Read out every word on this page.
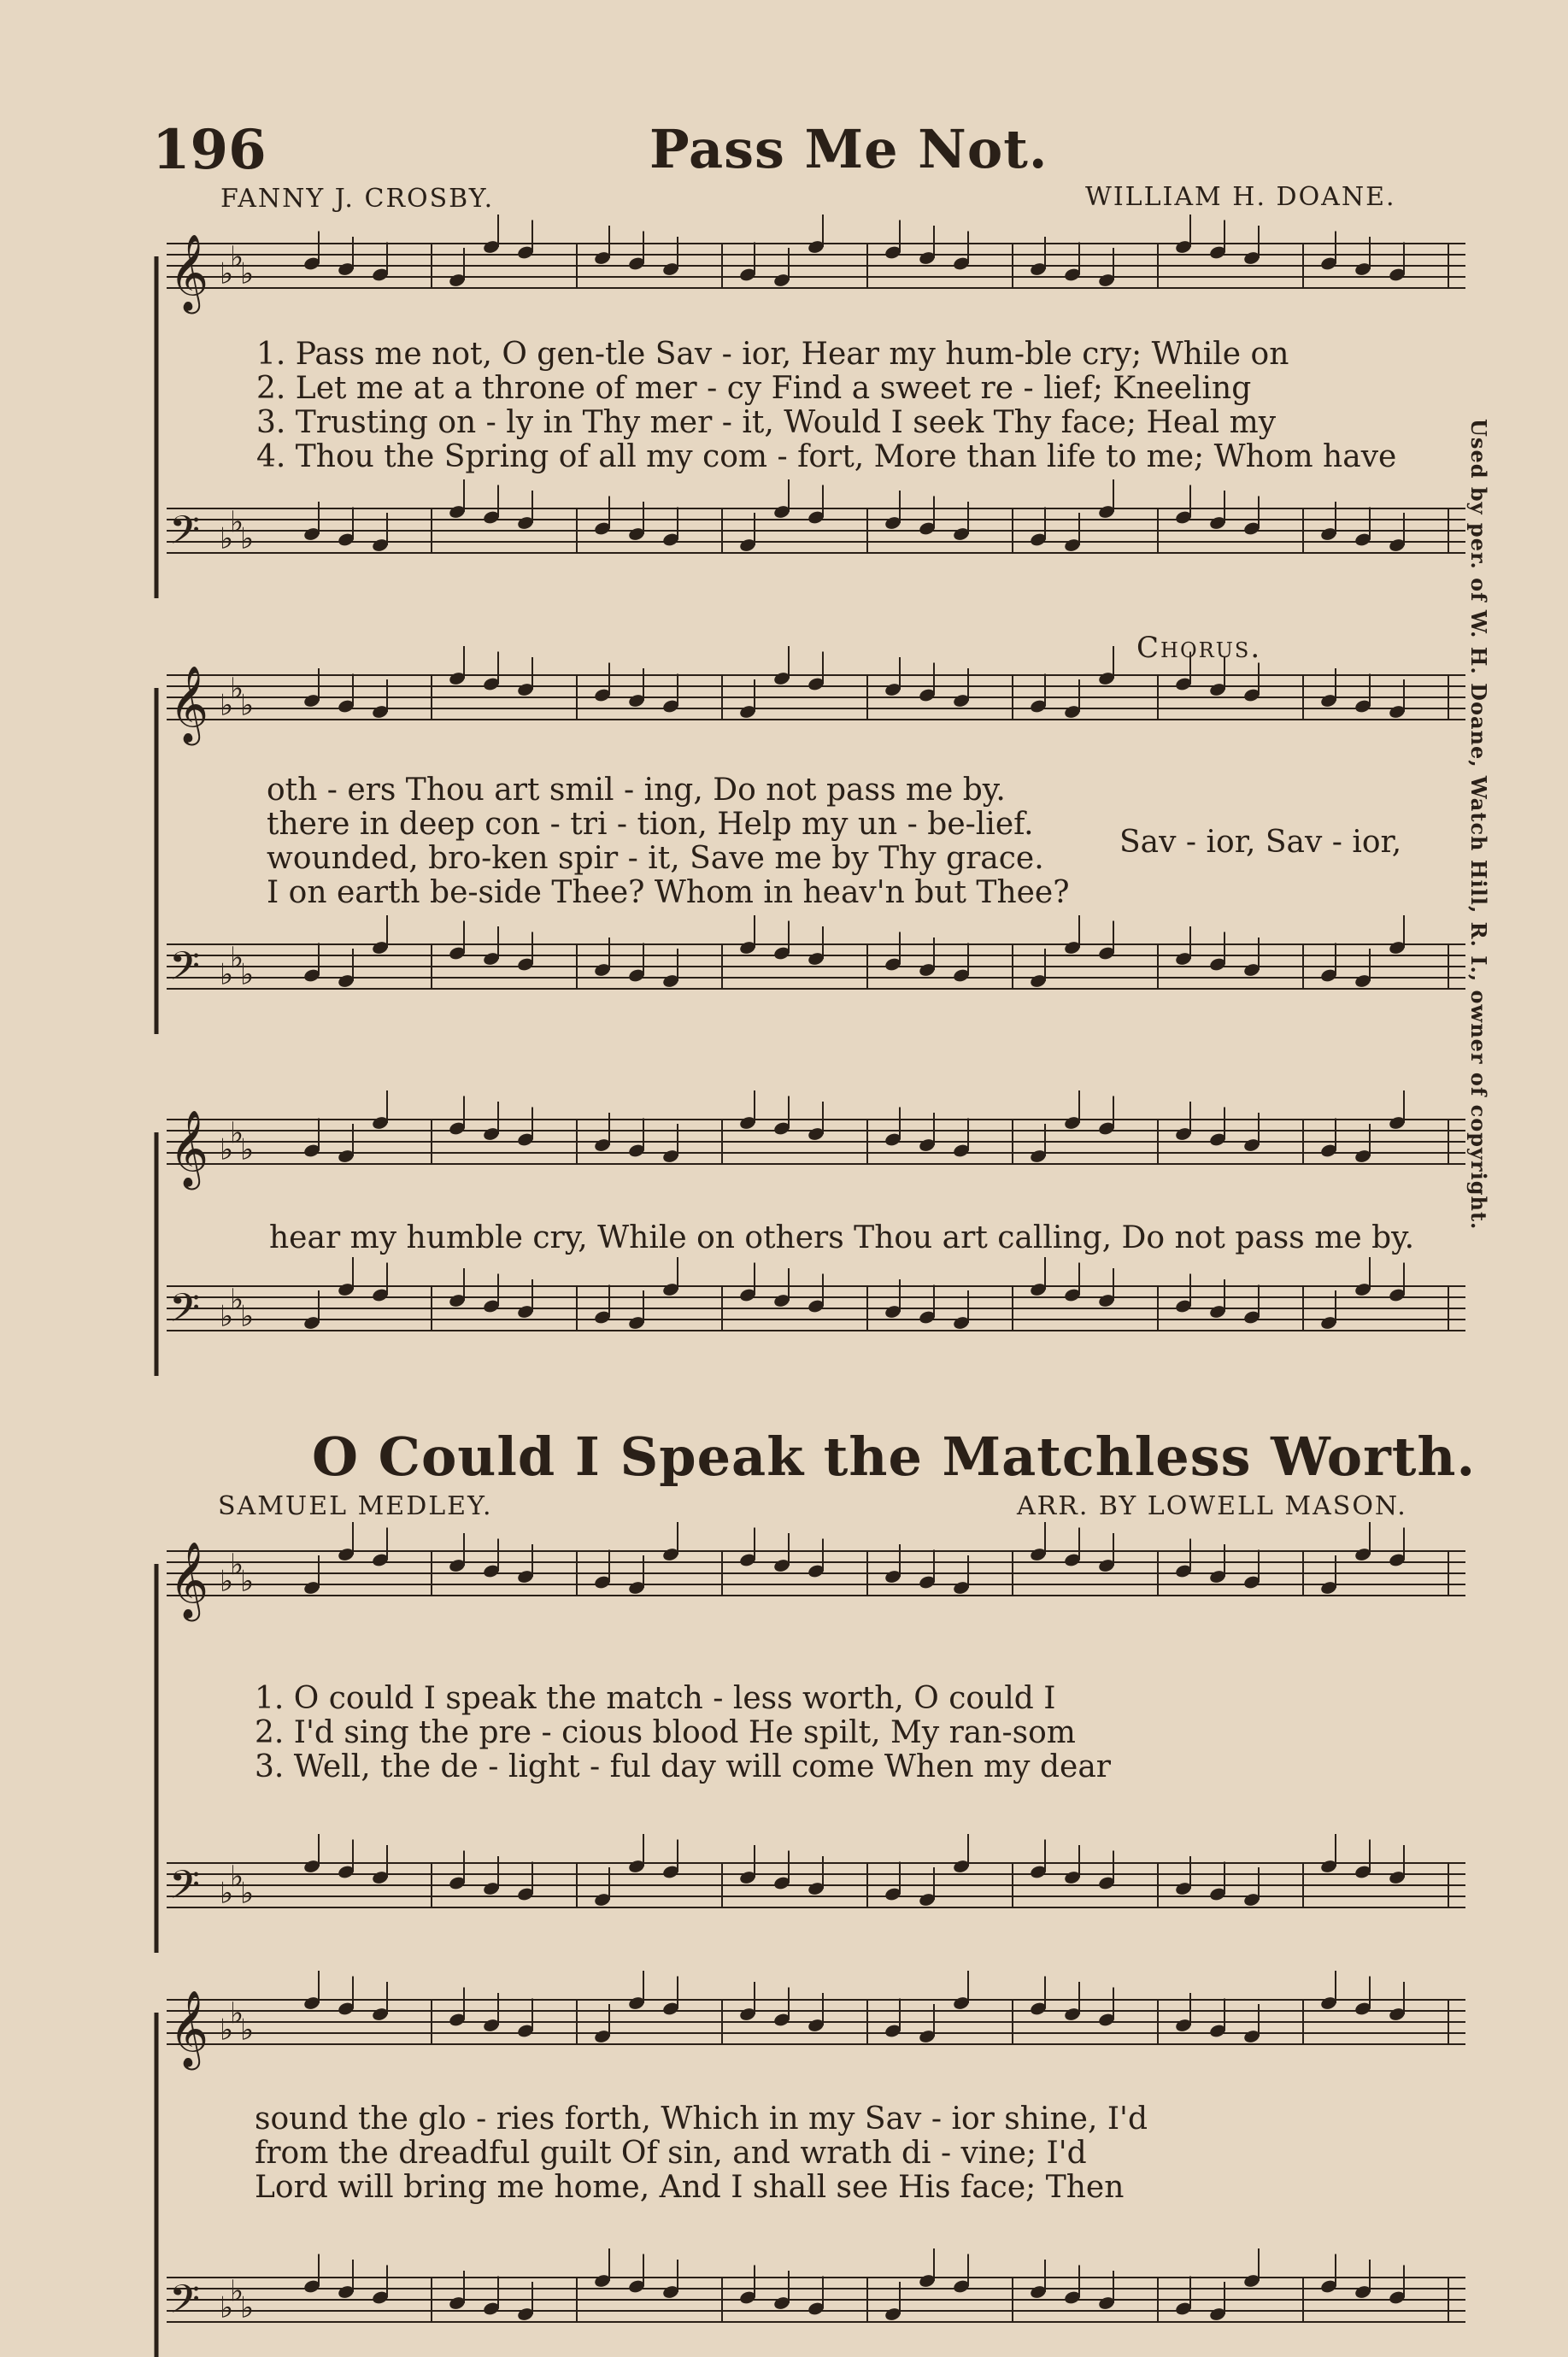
𝄞 ♭
♭
♭
𝄢 ♭
♭
♭
𝄞 ♭
♭
♭
𝄢 ♭
♭
♭
𝄞 ♭
♭
♭
𝄢 ♭
♭
♭
𝄞 ♭
♭
♭
𝄢 ♭
♭
♭
𝄞 ♭
♭
♭
𝄢 ♭
♭
♭
196	Pass Me Not.
FANNY J. CROSBY.	WILLIAM H. DOANE.
1. Pass me not, O gen-tle Sav - ior, Hear my hum-ble cry; While on
2. Let me at a throne of mer - cy Find a sweet re - lief; Kneeling
3. Trusting on - ly in Thy mer - it, Would I seek Thy face; Heal my
4. Thou the Spring of all my com - fort, More than life to me; Whom have
Chorus.
oth - ers Thou art smil - ing, Do not pass me by.
there in deep con - tri - tion, Help my un - be-lief.
wounded, bro-ken spir - it, Save me by Thy grace.
I on earth be-side Thee? Whom in heav'n but Thee?
Sav - ior, Sav - ior,
hear my humble cry, While on others Thou art calling, Do not pass me by.
Used by per. of W. H. Doane, Watch Hill, R. I., owner of copyright.
O Could I Speak the Matchless Worth.
SAMUEL MEDLEY.	ARR. BY LOWELL MASON.
1. O could I speak the match - less worth, O could I
2. I'd sing the pre - cious blood He spilt, My ran-som
3. Well, the de - light - ful day will come When my dear
sound the glo - ries forth, Which in my Sav - ior shine, I'd
from the dreadful guilt Of sin, and wrath di - vine; I'd
Lord will bring me home, And I shall see His face; Then
